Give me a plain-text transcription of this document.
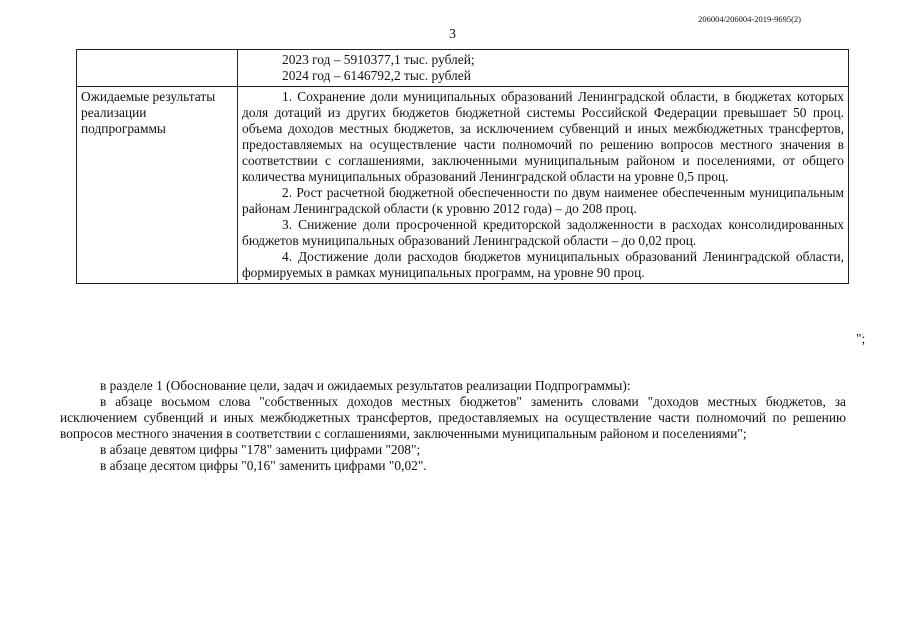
206004/206004-2019-9695(2)
3

	2023 год – 5910377,1 тыс. рублей;
2024 год – 6146792,2 тыс. рублей

Ожидаемые результаты реализации подпрограммы	1. Сохранение доли муниципальных образований Ленинградской области, в бюджетах которых доля дотаций из других бюджетов бюджетной системы Российской Федерации превышает 50 проц. объема доходов местных бюджетов, за исключением субвенций и иных межбюджетных трансфертов, предоставляемых на осуществление части полномочий по решению вопросов местного значения в соответствии с соглашениями, заключенными муниципальным районом и поселениями, от общего количества муниципальных образований Ленинградской области на уровне 0,5 проц.

2. Рост расчетной бюджетной обеспеченности по двум наименее обеспеченным муниципальным районам Ленинградской области (к уровню 2012 года) – до 208 проц.

3. Снижение доли просроченной кредиторской задолженности в расходах консолидированных бюджетов муниципальных образований Ленинградской области – до 0,02 проц.

4. Достижение доли расходов бюджетов муниципальных образований Ленинградской области, формируемых в рамках муниципальных программ, на уровне 90 проц.

";

в разделе 1 (Обоснование цели, задач и ожидаемых результатов реализации Подпрограммы):

в абзаце восьмом слова "собственных доходов местных бюджетов" заменить словами "доходов местных бюджетов, за исключением субвенций и иных межбюджетных трансфертов, предоставляемых на осуществление части полномочий по решению вопросов местного значения в соответствии с соглашениями, заключенными муниципальным районом и поселениями";

в абзаце девятом цифры "178" заменить цифрами "208";

в абзаце десятом цифры "0,16" заменить цифрами "0,02".
